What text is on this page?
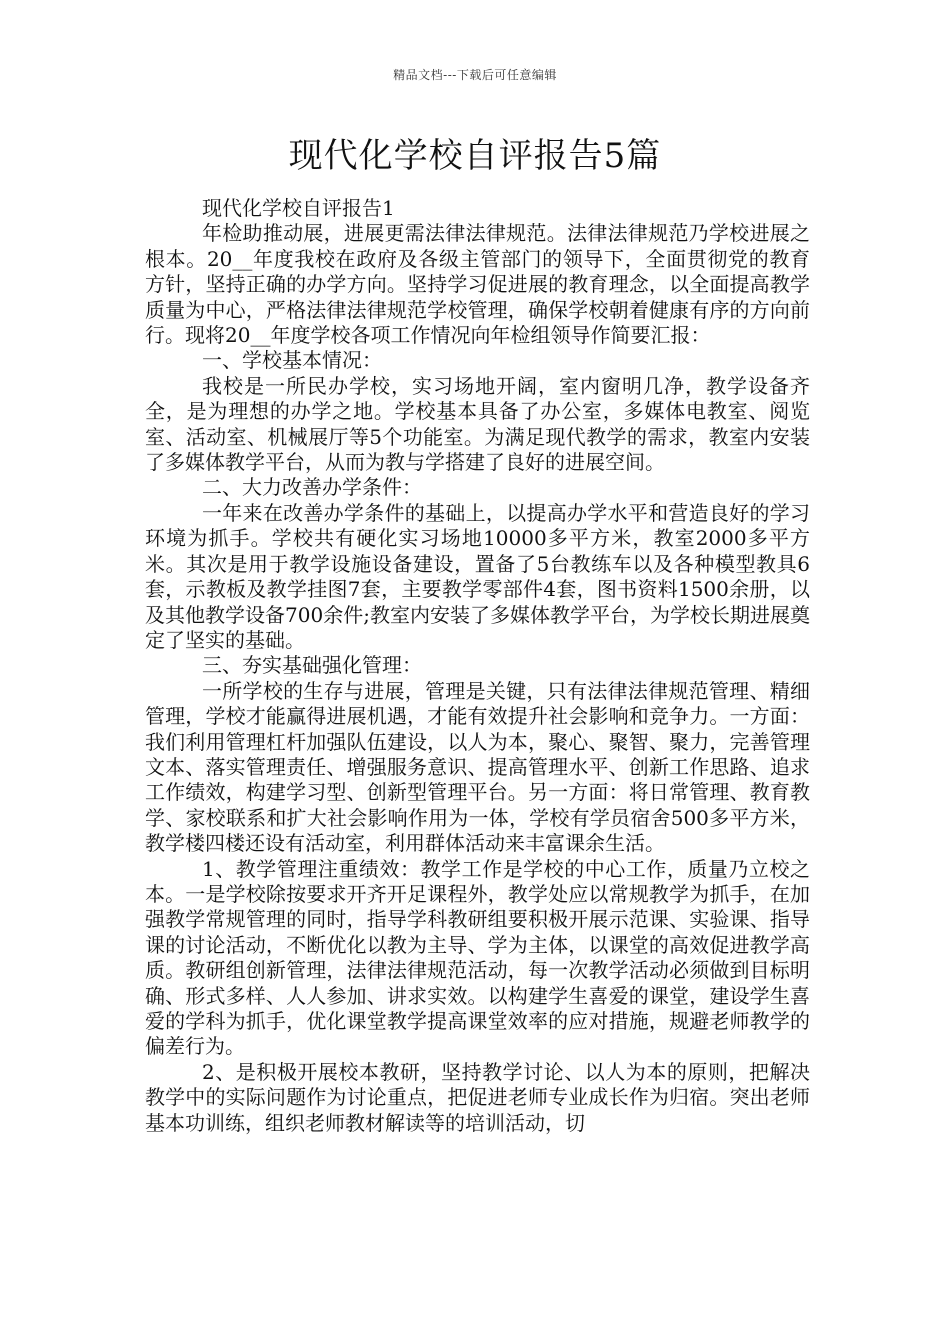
精品文档---下载后可任意编辑
现代化学校自评报告5篇

现代化学校自评报告1

年检助推动展，进展更需法律法律规范。法律法律规范乃学校进展之根本。20__年度我校在政府及各级主管部门的领导下，全面贯彻党的教育方针，坚持正确的办学方向。坚持学习促进展的教育理念，以全面提高教学质量为中心，严格法律法律规范学校管理，确保学校朝着健康有序的方向前行。现将20__年度学校各项工作情况向年检组领导作简要汇报：

一、学校基本情况：

我校是一所民办学校，实习场地开阔，室内窗明几净，教学设备齐全，是为理想的办学之地。学校基本具备了办公室，多媒体电教室、阅览室、活动室、机械展厅等5个功能室。为满足现代教学的需求，教室内安装了多媒体教学平台，从而为教与学搭建了良好的进展空间。

二、大力改善办学条件：

一年来在改善办学条件的基础上，以提高办学水平和营造良好的学习环境为抓手。学校共有硬化实习场地10000多平方米，教室2000多平方米。其次是用于教学设施设备建设，置备了5台教练车以及各种模型教具6套，示教板及教学挂图7套，主要教学零部件4套，图书资料1500余册，以及其他教学设备700余件;教室内安装了多媒体教学平台，为学校长期进展奠定了坚实的基础。

三、夯实基础强化管理：

一所学校的生存与进展，管理是关键，只有法律法律规范管理、精细管理，学校才能赢得进展机遇，才能有效提升社会影响和竞争力。一方面：我们利用管理杠杆加强队伍建设，以人为本，聚心、聚智、聚力，完善管理文本、落实管理责任、增强服务意识、提高管理水平、创新工作思路、追求工作绩效，构建学习型、创新型管理平台。另一方面：将日常管理、教育教学、家校联系和扩大社会影响作用为一体，学校有学员宿舍500多平方米，教学楼四楼还设有活动室，利用群体活动来丰富课余生活。

1、教学管理注重绩效：教学工作是学校的中心工作，质量乃立校之本。一是学校除按要求开齐开足课程外，教学处应以常规教学为抓手，在加强教学常规管理的同时，指导学科教研组要积极开展示范课、实验课、指导课的讨论活动，不断优化以教为主导、学为主体，以课堂的高效促进教学高质。教研组创新管理，法律法律规范活动，每一次教学活动必须做到目标明确、形式多样、人人参加、讲求实效。以构建学生喜爱的课堂，建设学生喜爱的学科为抓手，优化课堂教学提高课堂效率的应对措施，规避老师教学的偏差行为。

2、是积极开展校本教研，坚持教学讨论、以人为本的原则，把解决教学中的实际问题作为讨论重点，把促进老师专业成长作为归宿。突出老师基本功训练，组织老师教材解读等的培训活动，切
